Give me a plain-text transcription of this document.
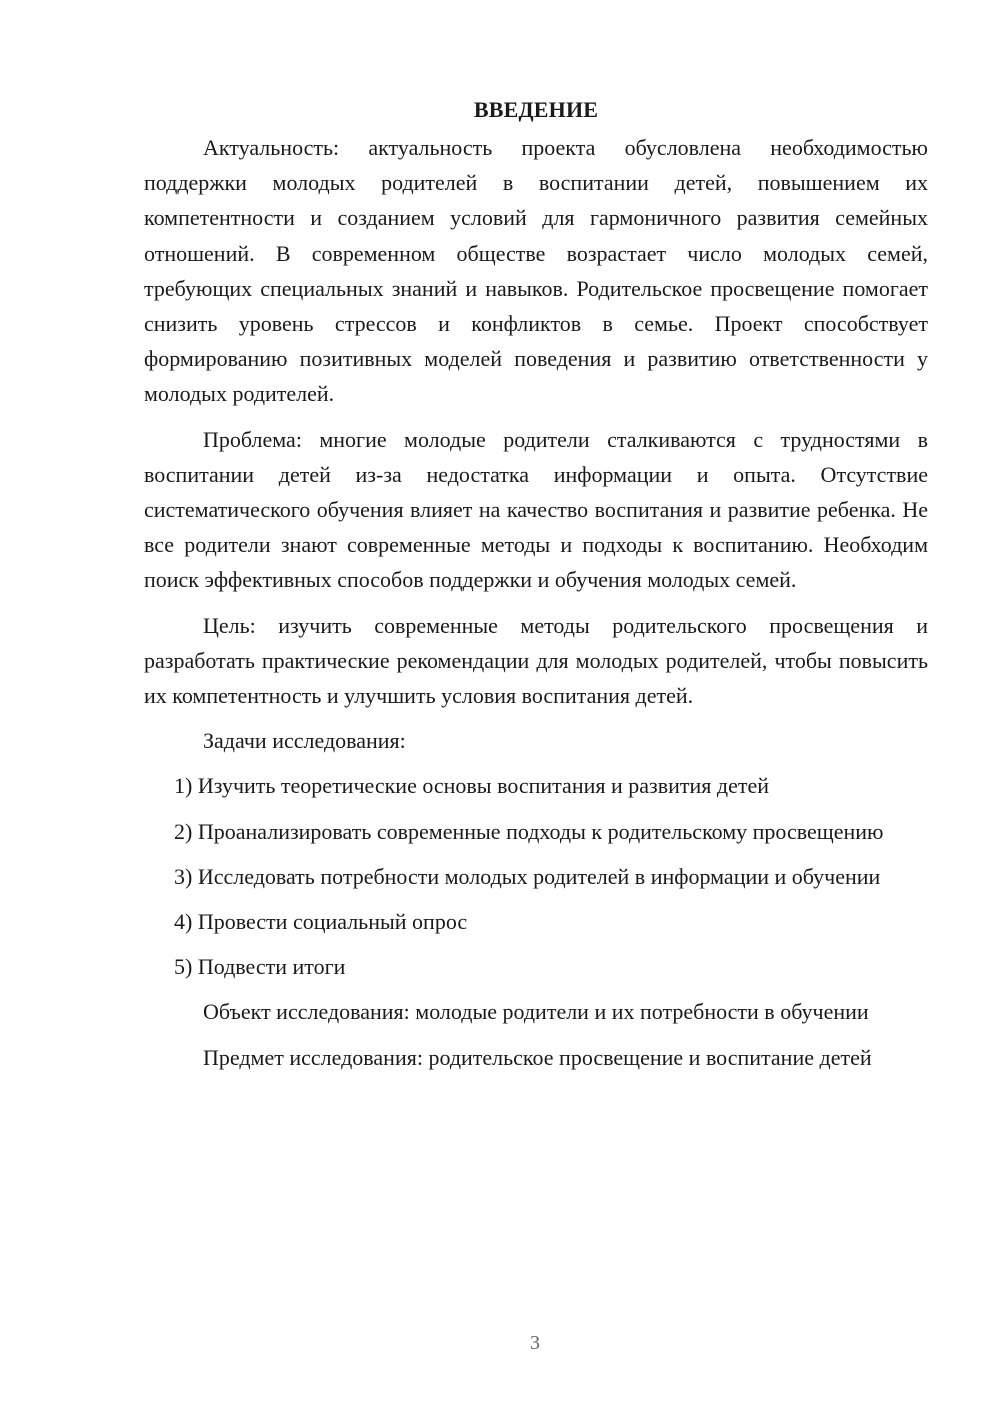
ВВЕДЕНИЕ

Актуальность: актуальность проекта обусловлена необходимостью поддержки молодых родителей в воспитании детей, повышением их компетентности и созданием условий для гармоничного развития семейных отношений. В современном обществе возрастает число молодых семей, требующих специальных знаний и навыков. Родительское просвещение помогает снизить уровень стрессов и конфликтов в семье. Проект способствует формированию позитивных моделей поведения и развитию ответственности у молодых родителей.

Проблема: многие молодые родители сталкиваются с трудностями в воспитании детей из-за недостатка информации и опыта. Отсутствие систематического обучения влияет на качество воспитания и развитие ребенка. Не все родители знают современные методы и подходы к воспитанию. Необходим поиск эффективных способов поддержки и обучения молодых семей.

Цель: изучить современные методы родительского просвещения и разработать практические рекомендации для молодых родителей, чтобы повысить их компетентность и улучшить условия воспитания детей.

Задачи исследования:

1) Изучить теоретические основы воспитания и развития детей

2) Проанализировать современные подходы к родительскому просвещению

3) Исследовать потребности молодых родителей в информации и обучении

4) Провести социальный опрос

5) Подвести итоги

Объект исследования: молодые родители и их потребности в обучении

Предмет исследования: родительское просвещение и воспитание детей

3
